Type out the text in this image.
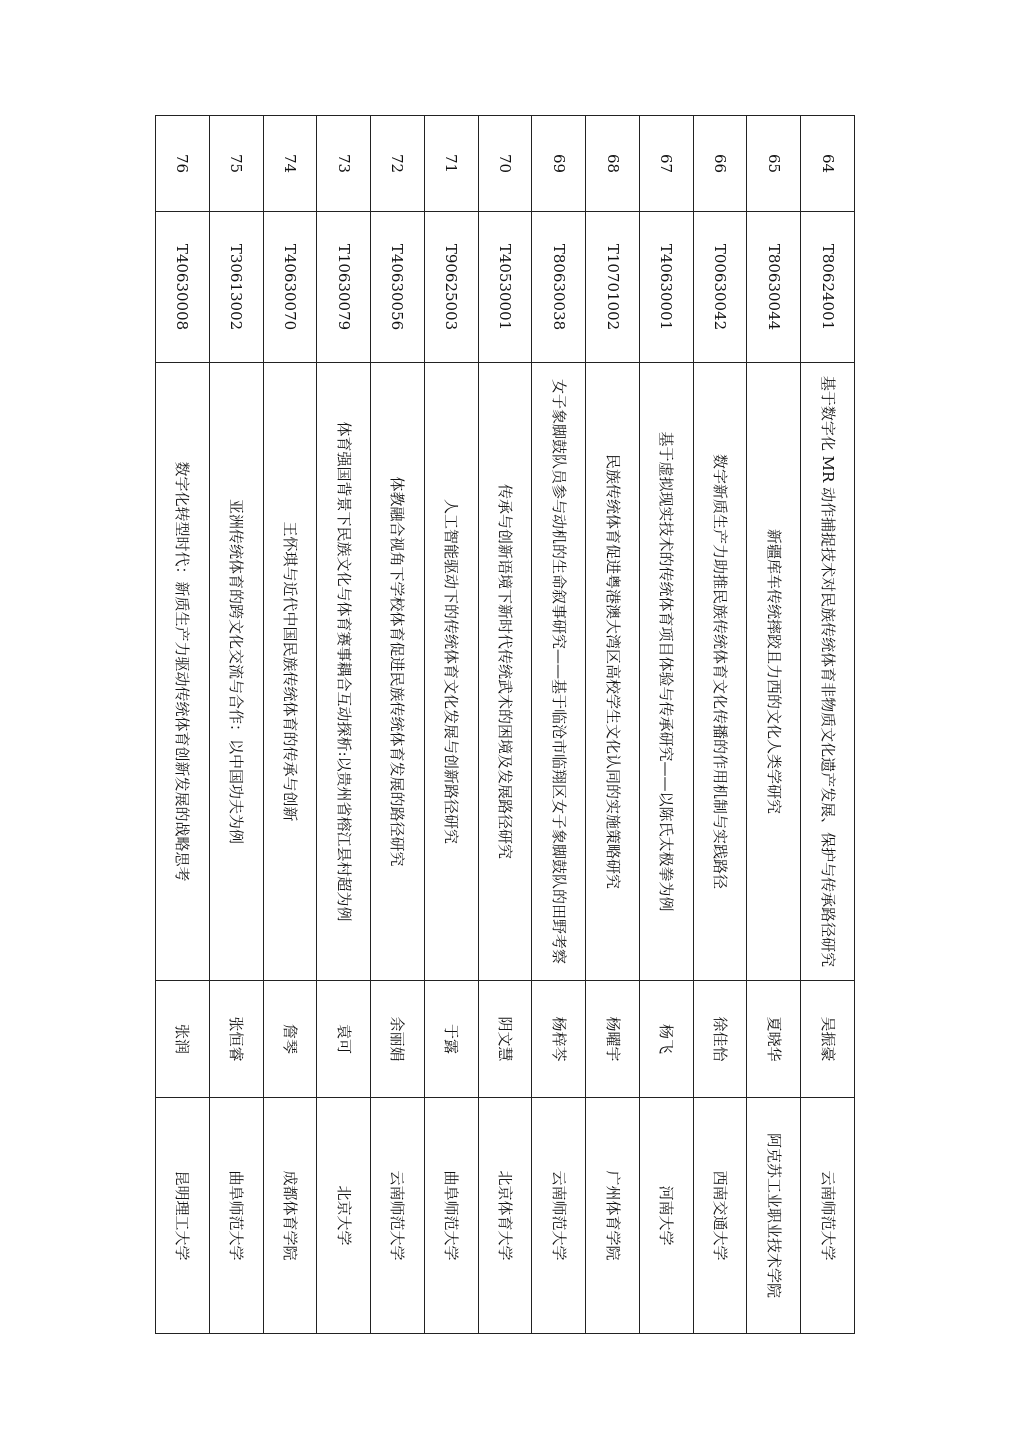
64	T80624001	基于数字化 MR 动作捕捉技术对民族传统体育非物质文化遗产发展、保护与传承路径研究	吴振豪	云南师范大学
65	T80630044	新疆库车传统摔跤且力西的文化人类学研究	夏晓华	阿克苏工业职业技术学院
66	T00630042	数字新质生产力助推民族传统体育文化传播的作用机制与实践路径	徐佳怡	西南交通大学
67	T40630001	基于虚拟现实技术的传统体育项目体验与传承研究——以陈氏太极拳为例	杨飞	河南大学
68	T10701002	民族传统体育促进粤港澳大湾区高校学生文化认同的实施策略研究	杨曜宇	广州体育学院
69	T80630038	女子象脚鼓队员参与动机的生命叙事研究——基于临沧市临翔区女子象脚鼓队的田野考察	杨梓芩	云南师范大学
70	T40530001	传承与创新语境下新时代传统武术的困境及发展路径研究	阴文慧	北京体育大学
71	T90625003	人工智能驱动下的传统体育文化发展与创新路径研究	于露	曲阜师范大学
72	T40630056	体教融合视角下学校体育促进民族传统体育发展的路径研究	余丽娟	云南师范大学
73	T10630079	体育强国背景下民族文化与体育赛事耦合互动探析:以贵州省榕江县村超为例	袁可	北京大学
74	T40630070	王怀琪与近代中国民族传统体育的传承与创新	詹琴	成都体育学院
75	T30613002	亚洲传统体育的跨文化交流与合作：以中国功夫为例	张恒睿	曲阜师范大学
76	T40630008	数字化转型时代：新质生产力驱动传统体育创新发展的战略思考	张润	昆明理工大学
